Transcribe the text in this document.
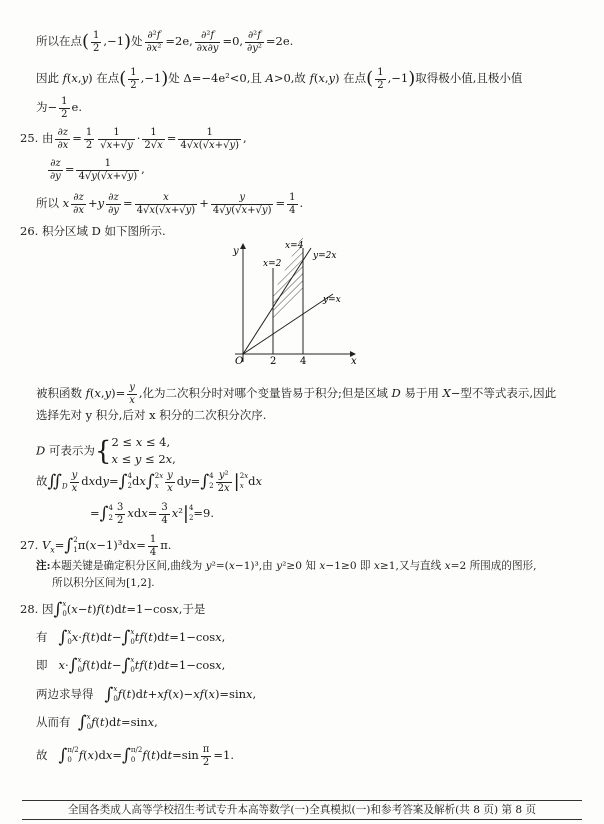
所以在点( $\frac{1}{2} ,-1$)处 $\frac{\text{∂²f}}{\text{∂x²}} =2e$, $\frac{\text{∂²f}}{\partial x\partial y} =0$, $\frac{\text{∂²f}}{\text{∂y²}} =2e$.
因此 f(x,y) 在点( $\frac{1}{2} ,-1$)处 Δ=−4e²<0,且 A>0,故 f(x,y) 在点( $\frac{1}{2} ,-1$)取得极小值,且极小值
为− $\frac{1}{2} e$.
25. 由 $\frac{\partial z}{\partial x} = \frac{1}{2} \frac{1}{√x+√y} \cdot \frac{1}{2√x} = \frac{1}{4√x(√x+√y)}$ ,
$\frac{\partial z}{\partial y} = \frac{1}{4√y(√x+√y)}$ ,
所以 x $\frac{\partial z}{\partial x} +y \frac{\partial z}{\partial y} = \frac{x}{4√x(√x+√y)} + \frac{y}{4√y(√x+√y)} = \frac{1}{4}$ .
26. 积分区域 D 如下图所示.
y
x
O	2 4
x=2
x=4
y=2x
y=x
被积函数 $f(x,y)= \frac{y}{x}$ ,化为二次积分时对哪个变量皆易于积分;但是区域 D 易于用 X−型不等式表示,因此
选择先对 y 积分,后对 x 积分的二次积分次序.
D 可表示为{2 ≤ x ≤ 4,
x ≤ y ≤ 2x,
故$∬_D \frac{y}{x}$ dxdy=∫4
2dx∫2x
x $\frac{y}{x} dy=\int 4$
$2 \frac{\text{y²}}{2x} |2x$
x dx
=∫4
$2 \frac{3}{2} xdx= \frac{3}{4} x^2|4$
2=9.
27. $V_x=\int 2$
$1\pi(x-1)^3dx= \frac{1}{4} \pi$.
注:本题关键是确定积分区间,曲线为 y²=(x−1)³,由 y²≥0 知 x−1≥0 即 x≥1,又与直线 x=2 所围成的图形,
所以积分区间为[1,2].
28. 因∫x
0(x−t)f(t)dt=1−cosx,于是
有   ∫x
0x·f(t)dt−∫x
0tf(t)dt=1−cosx,
即   x·∫x
0f(t)dt−∫x
0tf(t)dt=1−cosx,
两边求导得   ∫x
0f(t)dt+xf(x)−xf(x)=sinx,
从而有  ∫x
0f(t)dt=sinx,
故   ∫π/2
0 f(x)dx=∫π/2
0 $f(t)dt=\sin \frac{\pi}{2} =1$.
全国各类成人高等学校招生考试专升本高等数学(一)全真模拟(一)和参考答案及解析(共 8 页) 第 8 页
